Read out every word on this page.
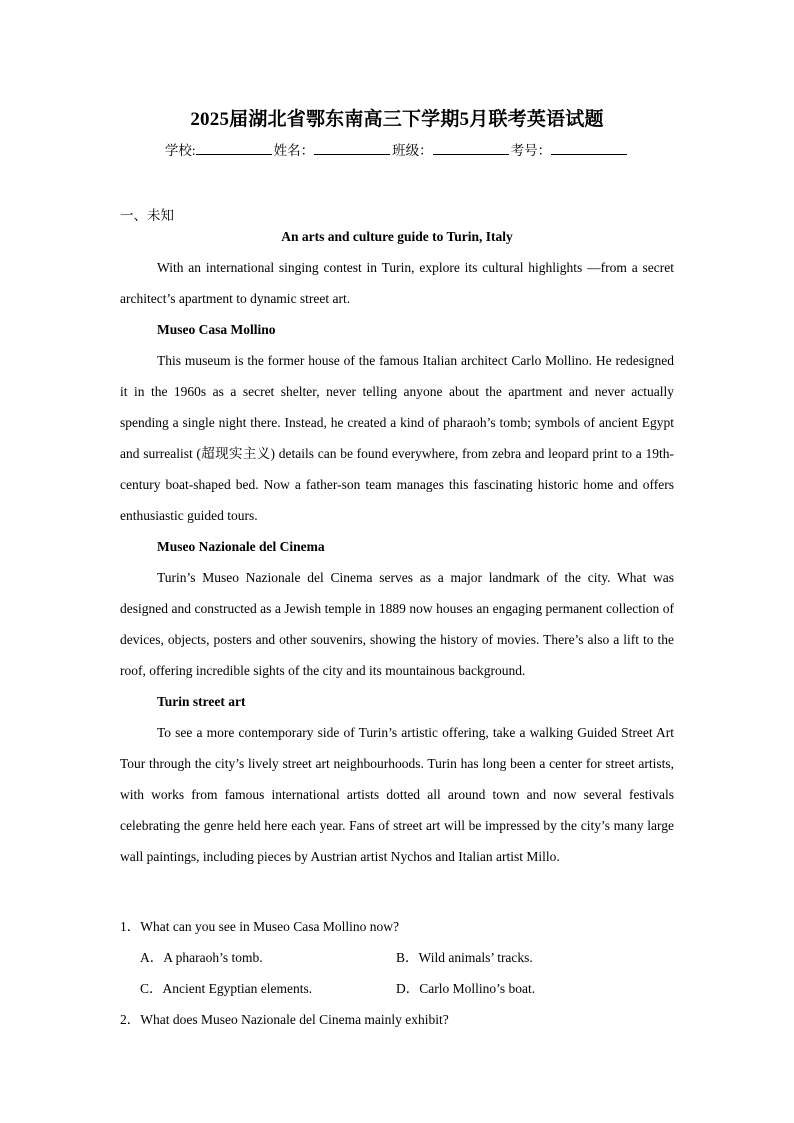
2025届湖北省鄂东南高三下学期5月联考英语试题
学校:	姓名：	班级：	考号：
一、未知
An arts and culture guide to Turin, Italy

With an international singing contest in Turin, explore its cultural highlights —from a secret architect’s apartment to dynamic street art.

Museo Casa Mollino

This museum is the former house of the famous Italian architect Carlo Mollino. He redesigned it in the 1960s as a secret shelter, never telling anyone about the apartment and never actually spending a single night there. Instead, he created a kind of pharaoh’s tomb; symbols of ancient Egypt and surrealist (超现实主义) details can be found everywhere, from zebra and leopard print to a 19th-century boat-shaped bed. Now a father-son team manages this fascinating historic home and offers enthusiastic guided tours.

Museo Nazionale del Cinema

Turin’s Museo Nazionale del Cinema serves as a major landmark of the city. What was designed and constructed as a Jewish temple in 1889 now houses an engaging permanent collection of devices, objects, posters and other souvenirs, showing the history of movies. There’s also a lift to the roof, offering incredible sights of the city and its mountainous background.

Turin street art

To see a more contemporary side of Turin’s artistic offering, take a walking Guided Street Art Tour through the city’s lively street art neighbourhoods. Turin has long been a center for street artists, with works from famous international artists dotted all around town and now several festivals celebrating the genre held here each year. Fans of street art will be impressed by the city’s many large wall paintings, including pieces by Austrian artist Nychos and Italian artist Millo.

1．What can you see in Museo Casa Mollino now?
A．A pharaoh’s tomb.	B．Wild animals’ tracks.
C．Ancient Egyptian elements.	D．Carlo Mollino’s boat.
2．What does Museo Nazionale del Cinema mainly exhibit?
